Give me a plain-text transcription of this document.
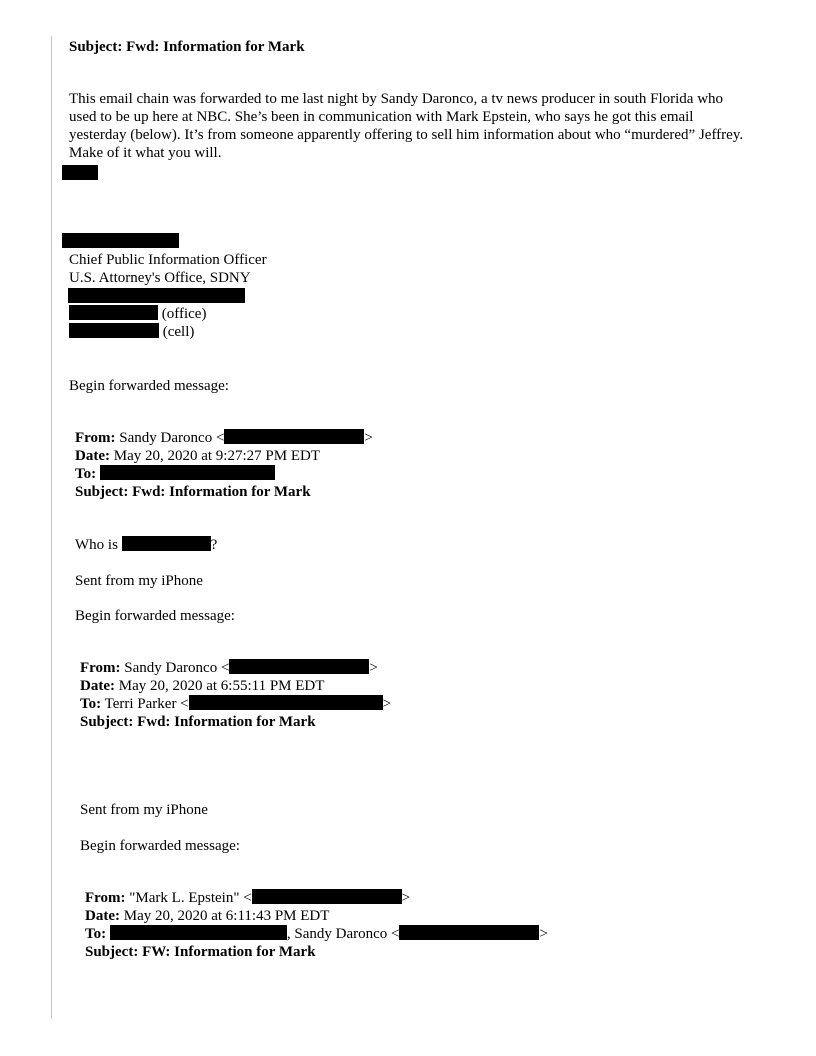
Subject: Fwd: Information for Mark

This email chain was forwarded to me last night by Sandy Daronco, a tv news producer in south Florida who used to be up here at NBC. She’s been in communication with Mark Epstein, who says he got this email yesterday (below). It’s from someone apparently offering to sell him information about who “murdered” Jeffrey. Make of it what you will.

Chief Public Information Officer
U.S. Attorney's Office, SDNY
(office)
(cell)
Begin forwarded message:
From: Sandy Daronco <	>
Date: May 20, 2020 at 9:27:27 PM EDT
To:
Subject: Fwd: Information for Mark
Who is	?
Sent from my iPhone
Begin forwarded message:
From: Sandy Daronco <	>
Date: May 20, 2020 at 6:55:11 PM EDT
To: Terri Parker <	>
Subject: Fwd: Information for Mark
Sent from my iPhone
Begin forwarded message:
From: "Mark L. Epstein" <	>
Date: May 20, 2020 at 6:11:43 PM EDT
To:	, Sandy Daronco <	>
Subject: FW: Information for Mark
